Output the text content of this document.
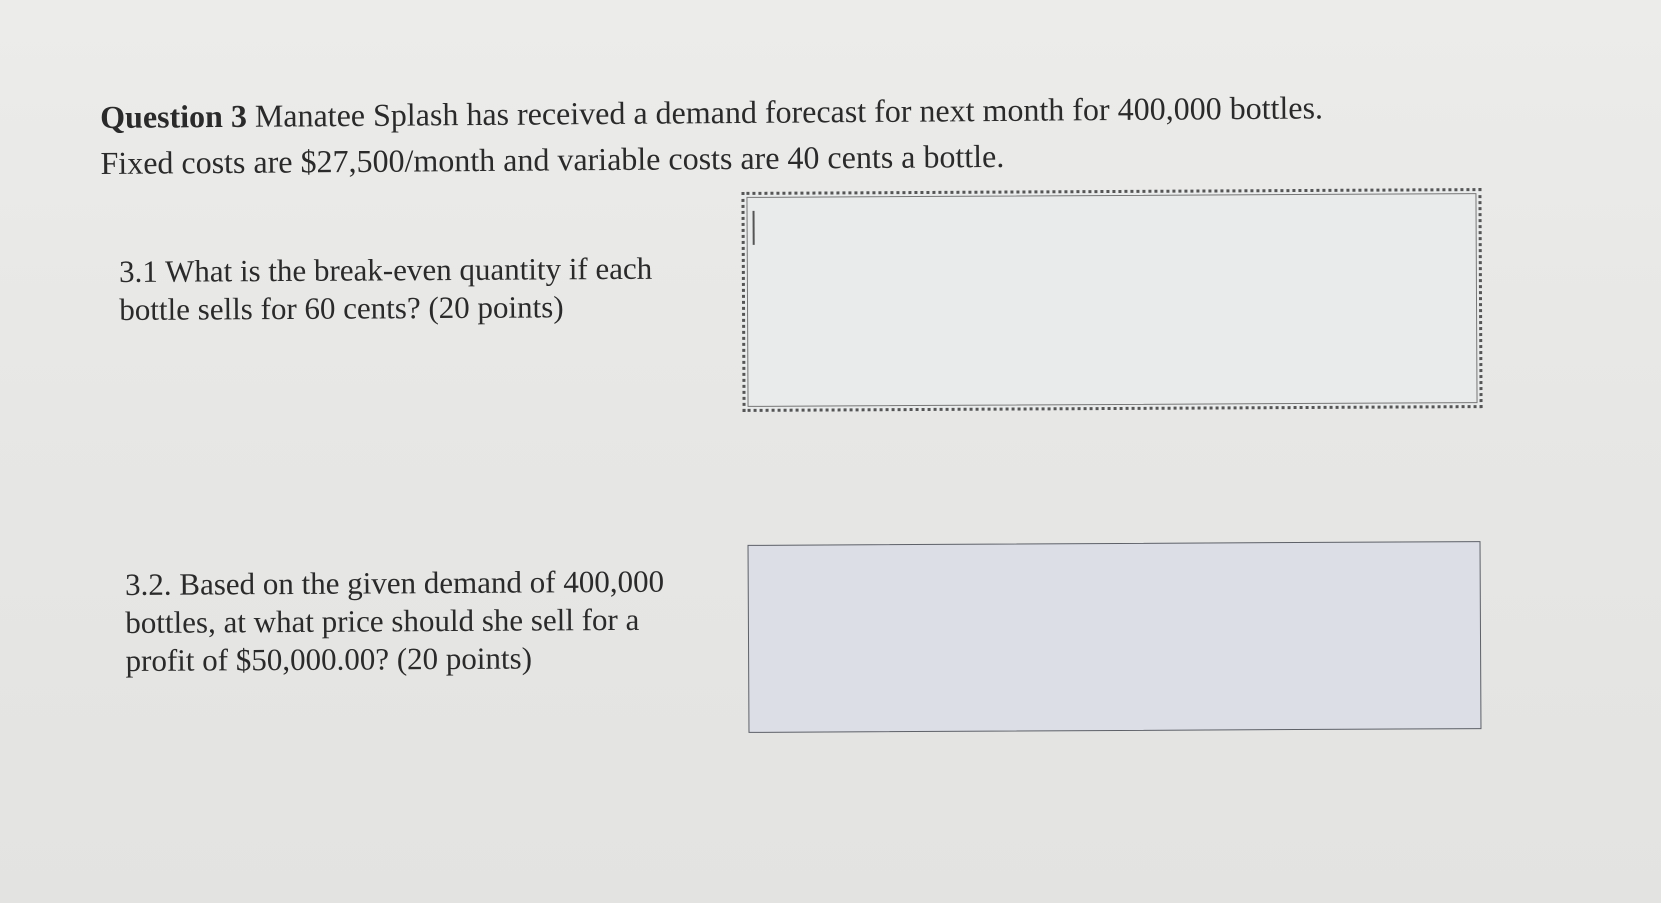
Question 3 Manatee Splash has received a demand forecast for next month for 400,000 bottles.
Fixed costs are $27,500/month and variable costs are 40 cents a bottle.

3.1 What is the break-even quantity if each
bottle sells for 60 cents? (20 points)

3.2. Based on the given demand of 400,000
bottles, at what price should she sell for a
profit of $50,000.00? (20 points)
